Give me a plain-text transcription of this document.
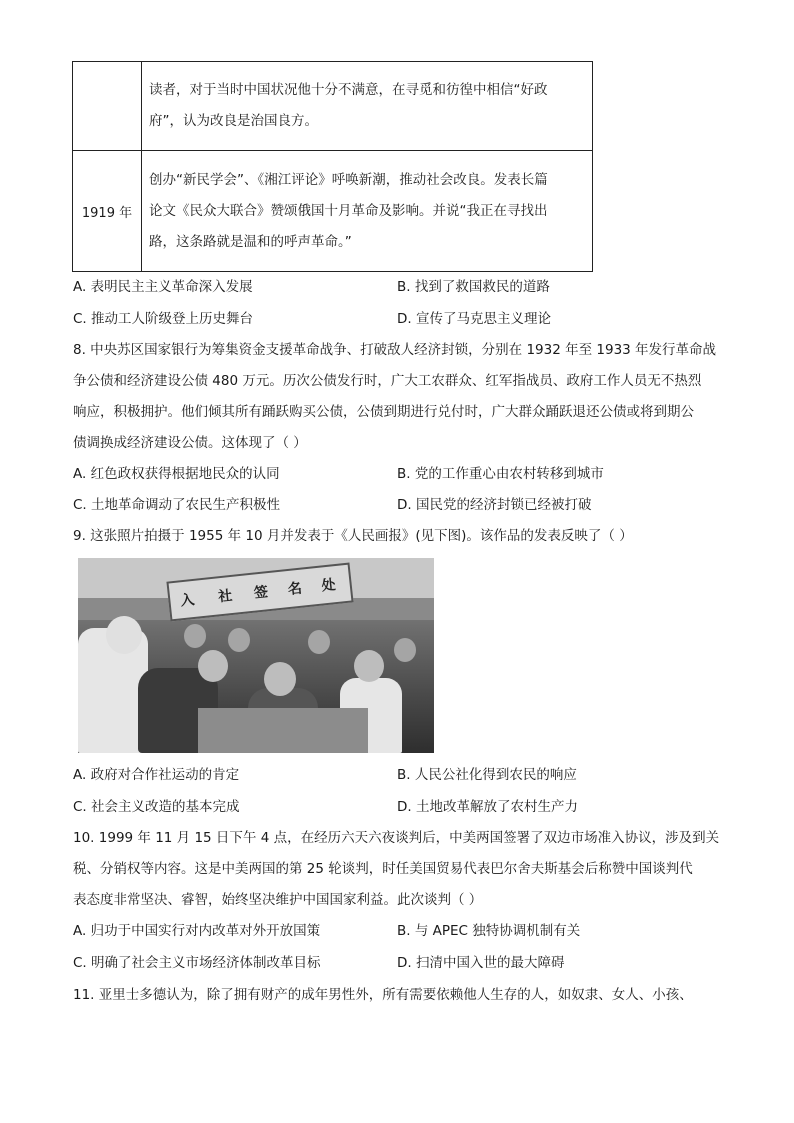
	读者，对于当时中国状况他十分不满意，在寻觅和彷徨中相信“好政
府”，认为改良是治国良方。

1919 年	创办“新民学会”、《湘江评论》呼唤新潮，推动社会改良。发表长篇
论文《民众大联合》赞颂俄国十月革命及影响。并说“我正在寻找出
路，这条路就是温和的呼声革命。”
A. 表明民主主义革命深入发展	B. 找到了救国救民的道路
C. 推动工人阶级登上历史舞台	D. 宣传了马克思主义理论
8. 中央苏区国家银行为筹集资金支援革命战争、打破敌人经济封锁，分别在 1932 年至 1933 年发行革命战
争公债和经济建设公债 480 万元。历次公债发行时，广大工农群众、红军指战员、政府工作人员无不热烈
响应，积极拥护。他们倾其所有踊跃购买公债，公债到期进行兑付时，广大群众踊跃退还公债或将到期公
债调换成经济建设公债。这体现了（ ）
A. 红色政权获得根据地民众的认同	B. 党的工作重心由农村转移到城市
C. 土地革命调动了农民生产积极性	D. 国民党的经济封锁已经被打破
9. 这张照片拍摄于 1955 年 10 月并发表于《人民画报》(见下图)。该作品的发表反映了（ ）
入 社 签 名 处
A. 政府对合作社运动的肯定	B. 人民公社化得到农民的响应
C. 社会主义改造的基本完成	D. 土地改革解放了农村生产力
10. 1999 年 11 月 15 日下午 4 点，在经历六天六夜谈判后，中美两国签署了双边市场准入协议，涉及到关
税、分销权等内容。这是中美两国的第 25 轮谈判，时任美国贸易代表巴尔舍夫斯基会后称赞中国谈判代
表态度非常坚决、睿智，始终坚决维护中国国家利益。此次谈判（ ）
A. 归功于中国实行对内改革对外开放国策	B. 与 APEC 独特协调机制有关
C. 明确了社会主义市场经济体制改革目标	D. 扫清中国入世的最大障碍
11. 亚里士多德认为，除了拥有财产的成年男性外，所有需要依赖他人生存的人，如奴隶、女人、小孩、
